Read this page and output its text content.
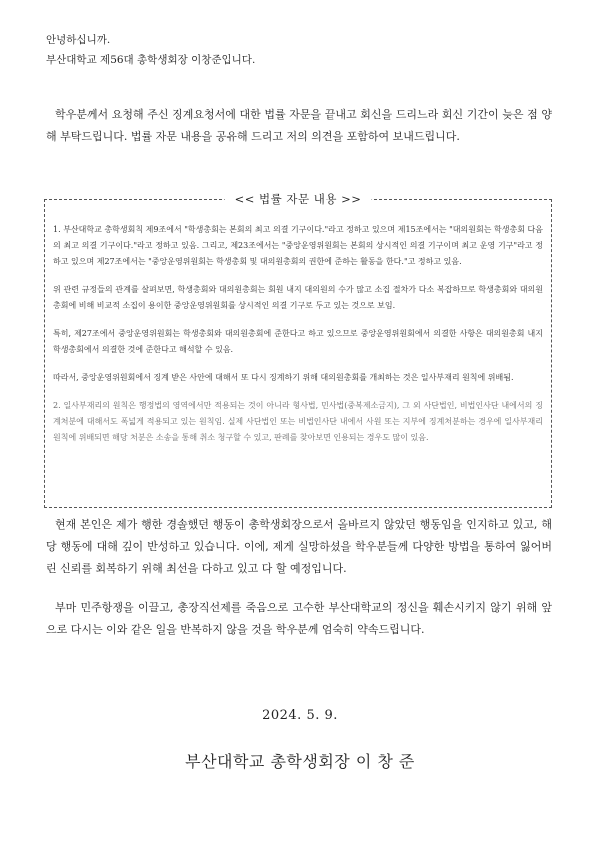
안녕하십니까.
부산대학교 제56대 총학생회장 이창준입니다.

학우분께서 요청해 주신 징계요청서에 대한 법률 자문을 끝내고 회신을 드리느라 회신 기간이 늦은 점 양해 부탁드립니다. 법률 자문 내용을 공유해 드리고 저의 의견을 포함하여 보내드립니다.

<< 법률 자문 내용 >>

1. 부산대학교 총학생회칙 제9조에서 "학생총회는 본회의 최고 의결 기구이다."라고 정하고 있으며 제15조에서는 "대의원회는 학생총회 다음의 최고 의결 기구이다."라고 정하고 있음. 그리고, 제23조에서는 "중앙운영위원회는 본회의 상시적인 의결 기구이며 최고 운영 기구"라고 정하고 있으며 제27조에서는 "중앙운영위원회는 학생총회 및 대의원총회의 권한에 준하는 활동을 한다."고 정하고 있음.

위 관련 규정들의 관계를 살펴보면, 학생총회와 대의원총회는 회원 내지 대의원의 수가 많고 소집 절차가 다소 복잡하므로 학생총회와 대의원총회에 비해 비교적 소집이 용이한 중앙운영위원회를 상시적인 의결 기구로 두고 있는 것으로 보임.

특히, 제27조에서 중앙운영위원회는 학생총회와 대의원총회에 준한다고 하고 있으므로 중앙운영위원회에서 의결한 사항은 대의원총회 내지 학생총회에서 의결한 것에 준한다고 해석할 수 있음.

따라서, 중앙운영위원회에서 징계 받은 사안에 대해서 또 다시 징계하기 위해 대의원총회를 개최하는 것은 일사부재리 원칙에 위배됨.

2. 일사부재리의 원칙은 행정법의 영역에서만 적용되는 것이 아니라 형사법, 민사법(중복제소금지), 그 외 사단법인, 비법인사단 내에서의 징계처분에 대해서도 폭넓게 적용되고 있는 원칙임. 실제 사단법인 또는 비법인사단 내에서 사원 또는 지부에 징계처분하는 경우에 일사부재리 원칙에 위배되면 해당 처분은 소송을 통해 취소 청구할 수 있고, 판례를 찾아보면 인용되는 경우도 많이 있음.

현재 본인은 제가 행한 경솔했던 행동이 총학생회장으로서 올바르지 않았던 행동임을 인지하고 있고, 해당 행동에 대해 깊이 반성하고 있습니다. 이에, 제게 실망하셨을 학우분들께 다양한 방법을 통하여 잃어버린 신뢰를 회복하기 위해 최선을 다하고 있고 다 할 예정입니다.

부마 민주항쟁을 이끌고, 총장직선제를 죽음으로 고수한 부산대학교의 정신을 훼손시키지 않기 위해 앞으로 다시는 이와 같은 일을 반복하지 않을 것을 학우분께 엄숙히 약속드립니다.

2024. 5. 9.
부산대학교 총학생회장 이 창 준
